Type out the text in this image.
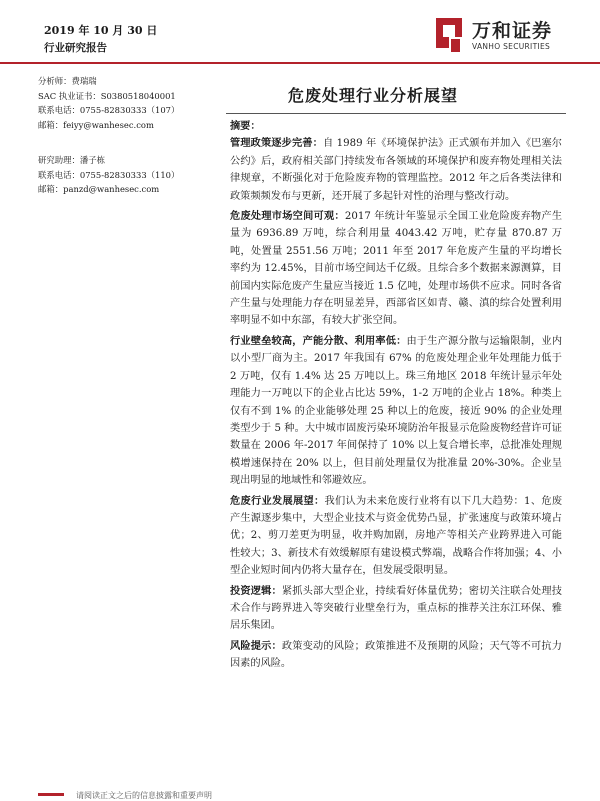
2019 年 10 月 30 日
行业研究报告
万和证券
VANHO SECURITIES
分析师：费瑞瑞
SAC 执业证书：S0380518040001
联系电话：0755-82830333（107）
邮箱：feiyy@wanhesec.com
研究助理：潘子栋
联系电话：0755-82830333（110）
邮箱：panzd@wanhesec.com
危废处理行业分析展望

摘要：

管理政策逐步完善：自 1989 年《环境保护法》正式颁布并加入《巴塞尔公约》后，政府相关部门持续发布各领域的环境保护和废弃物处理相关法律规章，不断强化对于危险废弃物的管理监控。2012 年之后各类法律和政策频频发布与更新，还开展了多起针对性的治理与整改行动。

危废处理市场空间可观：2017 年统计年鉴显示全国工业危险废弃物产生量为 6936.89 万吨，综合利用量 4043.42 万吨，贮存量 870.87 万吨，处置量 2551.56 万吨；2011 年至 2017 年危废产生量的平均增长率约为 12.45%，目前市场空间达千亿级。且综合多个数据来源测算，目前国内实际危废产生量应当接近 1.5 亿吨，处理市场供不应求。同时各省产生量与处理能力存在明显差异，西部省区如青、赣、滇的综合处置利用率明显不如中东部，有较大扩张空间。

行业壁垒较高，产能分散、利用率低：由于生产源分散与运输限制，业内以小型厂商为主。2017 年我国有 67% 的危废处理企业年处理能力低于 2 万吨，仅有 1.4% 达 25 万吨以上。珠三角地区 2018 年统计显示年处理能力一万吨以下的企业占比达 59%，1-2 万吨的企业占 18%。种类上仅有不到 1% 的企业能够处理 25 种以上的危废，接近 90% 的企业处理类型少于 5 种。大中城市固废污染环境防治年报显示危险废物经营许可证数量在 2006 年-2017 年间保持了 10% 以上复合增长率，总批准处理规模增速保持在 20% 以上，但目前处理量仅为批准量 20%-30%。企业呈现出明显的地域性和邻避效应。

危废行业发展展望：我们认为未来危废行业将有以下几大趋势：1、危废产生源逐步集中，大型企业技术与资金优势凸显，扩张速度与政策环境占优；2、剪刀差更为明显，收并购加剧，房地产等相关产业跨界进入可能性较大；3、新技术有效缓解原有建设模式弊端，战略合作将加强；4、小型企业短时间内仍将大量存在，但发展受限明显。

投资逻辑：紧抓头部大型企业，持续看好体量优势；密切关注联合处理技术合作与跨界进入等突破行业壁垒行为，重点标的推荐关注东江环保、雅居乐集团。

风险提示：政策变动的风险；政策推进不及预期的风险；天气等不可抗力因素的风险。

请阅读正文之后的信息披露和重要声明
